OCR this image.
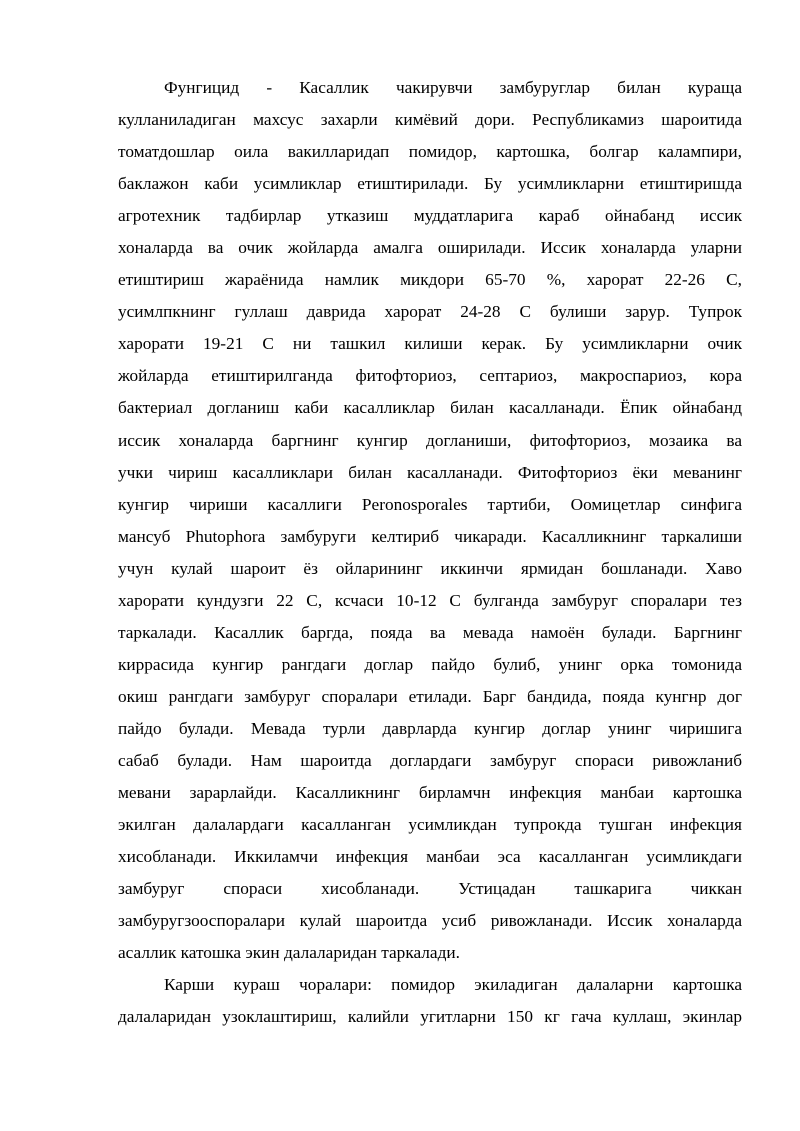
Фунгицид - Касаллик чакирувчи замбуруглар билан кураща
кулланиладиган махсус захарли кимёвий дори. Республикамиз шароитида
томатдошлар оила вакилларидап помидор, картошка, болгар калампири,
баклажон каби усимликлар етиштирилади. Бу усимликларни етиштиришда
агротехник тадбирлар утказиш муддатларига караб ойнабанд иссик
хоналарда ва очик жойларда амалга оширилади. Иссик хоналарда уларни
етиштириш жараёнида намлик микдори 65-70 %, харорат 22-26 С,
усимлпкнинг гуллаш даврида харорат 24-28 С булиши зарур. Тупрок
харорати 19-21 С ни ташкил килиши керак. Бу усимликларни очик
жойларда етиштирилганда фитофториоз, септариоз, макроспариоз, кора
бактериал догланиш каби касалликлар билан касалланади. Ёпик ойнабанд
иссик хоналарда баргнинг кунгир догланиши, фитофториоз, мозаика ва
учки чириш касалликлари билан касалланади. Фитофториоз ёки меванинг
кунгир чириши касаллиги Peronosporales тартиби, Оомицетлар синфига
мансуб Phutophora замбуруги келтириб чикаради. Касалликнинг таркалиши
учун кулай шароит ёз ойларининг иккинчи ярмидан бошланади. Хаво
харорати кундузги 22 С, ксчаси 10-12 С булганда замбуруг споралари тез
таркалади. Касаллик баргда, пояда ва мевада намоён булади. Баргнинг
киррасида кунгир рангдаги доглар пайдо булиб, унинг орка томонида
окиш рангдаги замбуруг споралари етилади. Барг бандида, пояда кунгнр дог
пайдо булади. Мевада турли даврларда кунгир доглар унинг чиришига
сабаб булади. Нам шароитда доглардаги замбуруг спораси ривожланиб
мевани зарарлайди. Касалликнинг бирламчн инфекция манбаи картошка
экилган далалардаги касалланган усимликдан тупрокда тушган инфекция
хисобланади. Иккиламчи инфекция манбаи эса касалланган усимликдаги
замбуруг спораси хисобланади. Устицадан ташкарига чиккан
замбуругзооспоралари кулай шароитда усиб ривожланади. Иссик хоналарда
асаллик катошка экин далаларидан таркалади.
Карши кураш чоралари: помидор экиладиган далаларни картошка
далаларидан узоклаштириш, калийли угитларни 150 кг гача куллаш, экинлар
